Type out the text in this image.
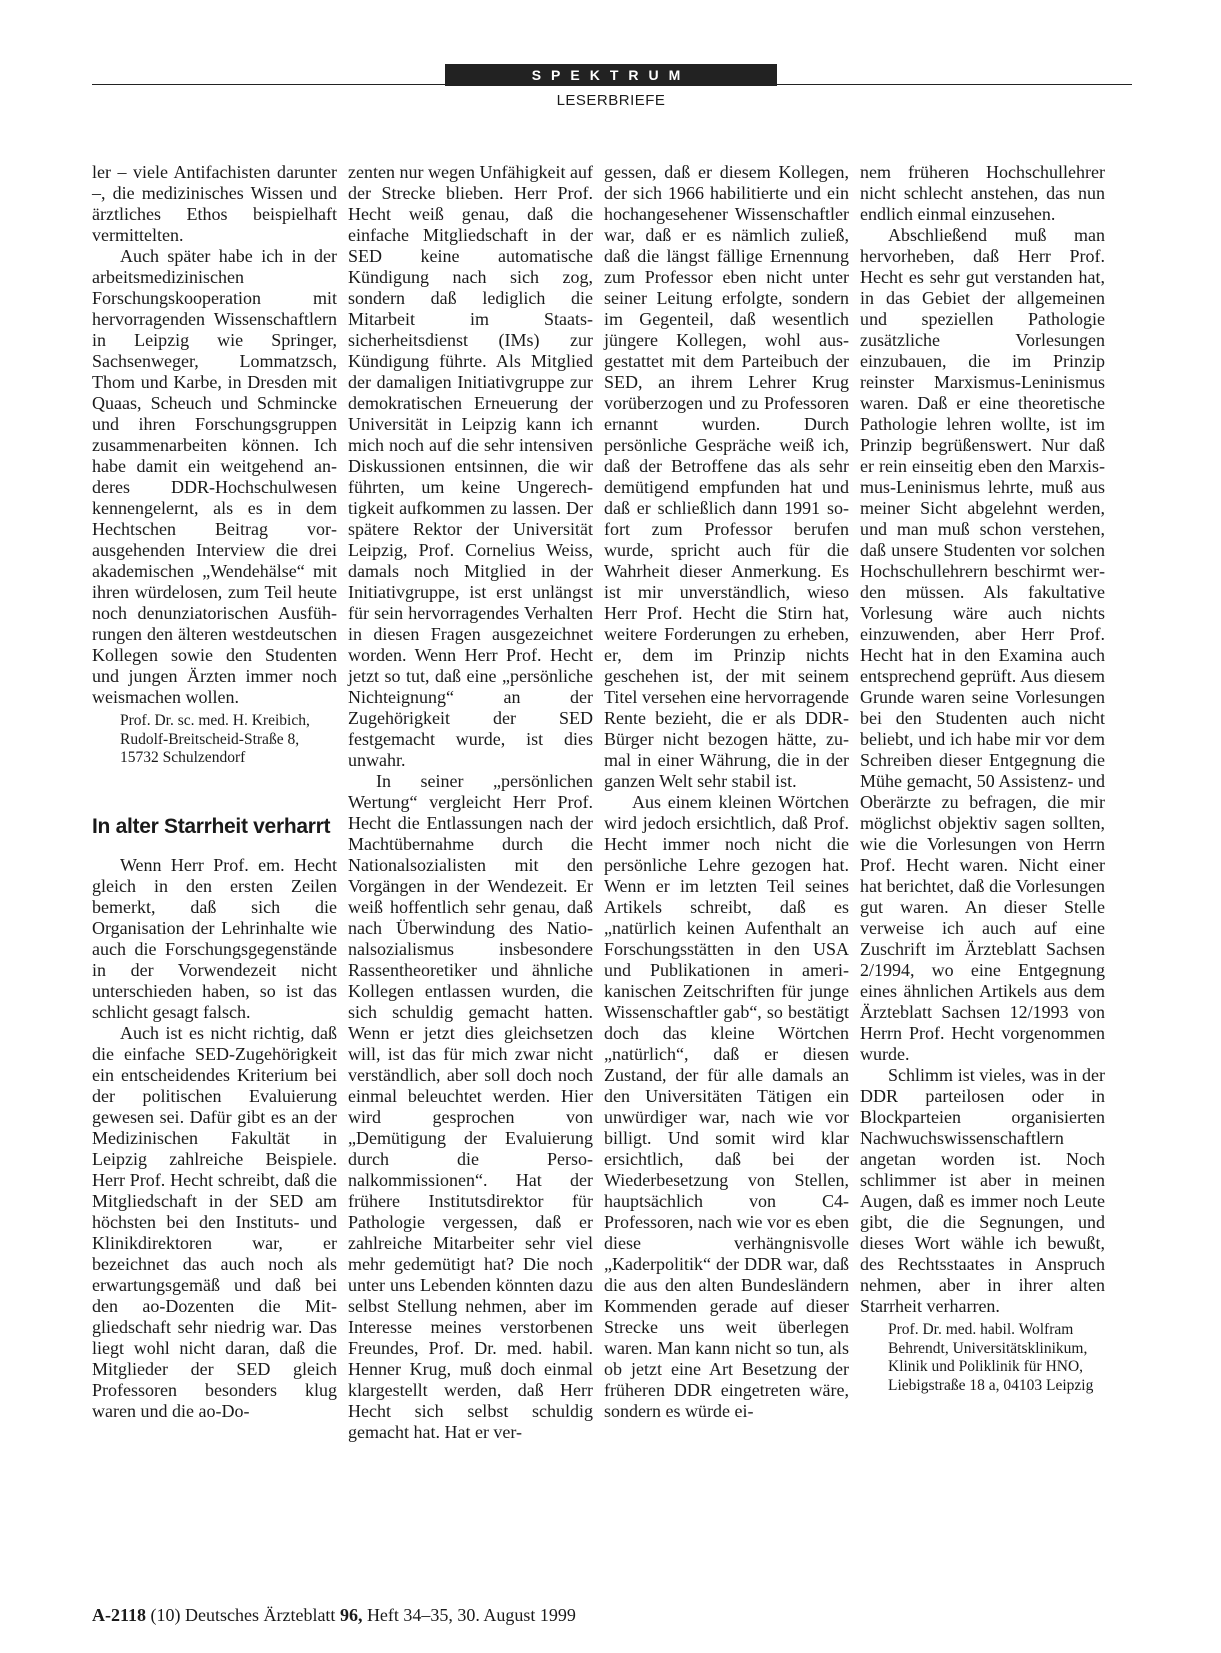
SPEKTRUM
LESERBRIEFE

ler – viele Antifachisten darunter –, die medizinisches Wissen und ärztliches Ethos beispielhaft vermittelten.

Auch später habe ich in der arbeitsmedizinischen Forschungskooperation mit hervorragenden Wissenschaftlern in Leipzig wie Springer, Sachsenweger, Lommatzsch, Thom und Karbe, in Dresden mit Quaas, Scheuch und Schmincke und ihren Forschungsgruppen zusammenarbeiten können. Ich habe damit ein weitgehend anderes DDR-Hochschulwesen kennengelernt, als es in dem Hechtschen Beitrag vorausgehenden Interview die drei akademischen „Wendehälse“ mit ihren würdelosen, zum Teil heute noch denunziatorischen Ausführungen den älteren westdeutschen Kollegen sowie den Studenten und jungen Ärzten immer noch weismachen wollen.

Prof. Dr. sc. med. H. Kreibich, Rudolf-Breitscheid-Straße 8, 15732 Schulzendorf
In alter Starrheit verharrt

Wenn Herr Prof. em. Hecht gleich in den ersten Zeilen bemerkt, daß sich die Organisation der Lehrinhalte wie auch die Forschungsgegenstände in der Vorwendezeit nicht unterschieden haben, so ist das schlicht gesagt falsch.

Auch ist es nicht richtig, daß die einfache SED-Zugehörigkeit ein entscheidendes Kriterium bei der politischen Evaluierung gewesen sei. Dafür gibt es an der Medizinischen Fakultät in Leipzig zahlreiche Beispiele. Herr Prof. Hecht schreibt, daß die Mitgliedschaft in der SED am höchsten bei den Instituts- und Klinikdirektoren war, er bezeichnet das auch noch als erwartungsgemäß und daß bei den ao-Dozenten die Mitgliedschaft sehr niedrig war. Das liegt wohl nicht daran, daß die Mitglieder der SED gleich Professoren besonders klug waren und die ao-Do-

zenten nur wegen Unfähigkeit auf der Strecke blieben. Herr Prof. Hecht weiß genau, daß die einfache Mitgliedschaft in der SED keine automatische Kündigung nach sich zog, sondern daß lediglich die Mitarbeit im Staatssicherheitsdienst (IMs) zur Kündigung führte. Als Mitglied der damaligen Initiativgruppe zur demokratischen Erneuerung der Universität in Leipzig kann ich mich noch auf die sehr intensiven Diskussionen entsinnen, die wir führten, um keine Ungerechtigkeit aufkommen zu lassen. Der spätere Rektor der Universität Leipzig, Prof. Cornelius Weiss, damals noch Mitglied in der Initiativgruppe, ist erst unlängst für sein hervorragendes Verhalten in diesen Fragen ausgezeichnet worden. Wenn Herr Prof. Hecht jetzt so tut, daß eine „persönliche Nichteignung“ an der Zugehörigkeit der SED festgemacht wurde, ist dies unwahr.

In seiner „persönlichen Wertung“ vergleicht Herr Prof. Hecht die Entlassungen nach der Machtübernahme durch die Nationalsozialisten mit den Vorgängen in der Wendezeit. Er weiß hoffentlich sehr genau, daß nach Überwindung des Nationalsozialismus insbesondere Rassentheoretiker und ähnliche Kollegen entlassen wurden, die sich schuldig gemacht hatten. Wenn er jetzt dies gleichsetzen will, ist das für mich zwar nicht verständlich, aber soll doch noch einmal beleuchtet werden. Hier wird gesprochen von „Demütigung der Evaluierung durch die Personalkommissionen“. Hat der frühere Institutsdirektor für Pathologie vergessen, daß er zahlreiche Mitarbeiter sehr viel mehr gedemütigt hat? Die noch unter uns Lebenden könnten dazu selbst Stellung nehmen, aber im Interesse meines verstorbenen Freundes, Prof. Dr. med. habil. Henner Krug, muß doch einmal klargestellt werden, daß Herr Hecht sich selbst schuldig gemacht hat. Hat er ver-

gessen, daß er diesem Kollegen, der sich 1966 habilitierte und ein hochangesehener Wissenschaftler war, daß er es nämlich zuließ, daß die längst fällige Ernennung zum Professor eben nicht unter seiner Leitung erfolgte, sondern im Gegenteil, daß wesentlich jüngere Kollegen, wohl ausgestattet mit dem Parteibuch der SED, an ihrem Lehrer Krug vorüberzogen und zu Professoren ernannt wurden. Durch persönliche Gespräche weiß ich, daß der Betroffene das als sehr demütigend empfunden hat und daß er schließlich dann 1991 sofort zum Professor berufen wurde, spricht auch für die Wahrheit dieser Anmerkung. Es ist mir unverständlich, wieso Herr Prof. Hecht die Stirn hat, weitere Forderungen zu erheben, er, dem im Prinzip nichts geschehen ist, der mit seinem Titel versehen eine hervorragende Rente bezieht, die er als DDR-Bürger nicht bezogen hätte, zumal in einer Währung, die in der ganzen Welt sehr stabil ist.

Aus einem kleinen Wörtchen wird jedoch ersichtlich, daß Prof. Hecht immer noch nicht die persönliche Lehre gezogen hat. Wenn er im letzten Teil seines Artikels schreibt, daß es „natürlich keinen Aufenthalt an Forschungsstätten in den USA und Publikationen in amerikanischen Zeitschriften für junge Wissenschaftler gab“, so bestätigt doch das kleine Wörtchen „natürlich“, daß er diesen Zustand, der für alle damals an den Universitäten Tätigen ein unwürdiger war, nach wie vor billigt. Und somit wird klar ersichtlich, daß bei der Wiederbesetzung von Stellen, hauptsächlich von C4-Professoren, nach wie vor es eben diese verhängnisvolle „Kaderpolitik“ der DDR war, daß die aus den alten Bundesländern Kommenden gerade auf dieser Strecke uns weit überlegen waren. Man kann nicht so tun, als ob jetzt eine Art Besetzung der früheren DDR eingetreten wäre, sondern es würde ei-

nem früheren Hochschullehrer nicht schlecht anstehen, das nun endlich einmal einzusehen.

Abschließend muß man hervorheben, daß Herr Prof. Hecht es sehr gut verstanden hat, in das Gebiet der allgemeinen und speziellen Pathologie zusätzliche Vorlesungen einzubauen, die im Prinzip reinster Marxismus-Leninismus waren. Daß er eine theoretische Pathologie lehren wollte, ist im Prinzip begrüßenswert. Nur daß er rein einseitig eben den Marxismus-Leninismus lehrte, muß aus meiner Sicht abgelehnt werden, und man muß schon verstehen, daß unsere Studenten vor solchen Hochschullehrern beschirmt werden müssen. Als fakultative Vorlesung wäre auch nichts einzuwenden, aber Herr Prof. Hecht hat in den Examina auch entsprechend geprüft. Aus diesem Grunde waren seine Vorlesungen bei den Studenten auch nicht beliebt, und ich habe mir vor dem Schreiben dieser Entgegnung die Mühe gemacht, 50 Assistenz- und Oberärzte zu befragen, die mir möglichst objektiv sagen sollten, wie die Vorlesungen von Herrn Prof. Hecht waren. Nicht einer hat berichtet, daß die Vorlesungen gut waren. An dieser Stelle verweise ich auch auf eine Zuschrift im Ärzteblatt Sachsen 2/1994, wo eine Entgegnung eines ähnlichen Artikels aus dem Ärzteblatt Sachsen 12/1993 von Herrn Prof. Hecht vorgenommen wurde.

Schlimm ist vieles, was in der DDR parteilosen oder in Blockparteien organisierten Nachwuchswissenschaftlern angetan worden ist. Noch schlimmer ist aber in meinen Augen, daß es immer noch Leute gibt, die die Segnungen, und dieses Wort wähle ich bewußt, des Rechtsstaates in Anspruch nehmen, aber in ihrer alten Starrheit verharren.

Prof. Dr. med. habil. Wolfram Behrendt, Universitätsklinikum, Klinik und Poliklinik für HNO, Liebigstraße 18 a, 04103 Leipzig
A-2118 (10) Deutsches Ärzteblatt 96, Heft 34–35, 30. August 1999
